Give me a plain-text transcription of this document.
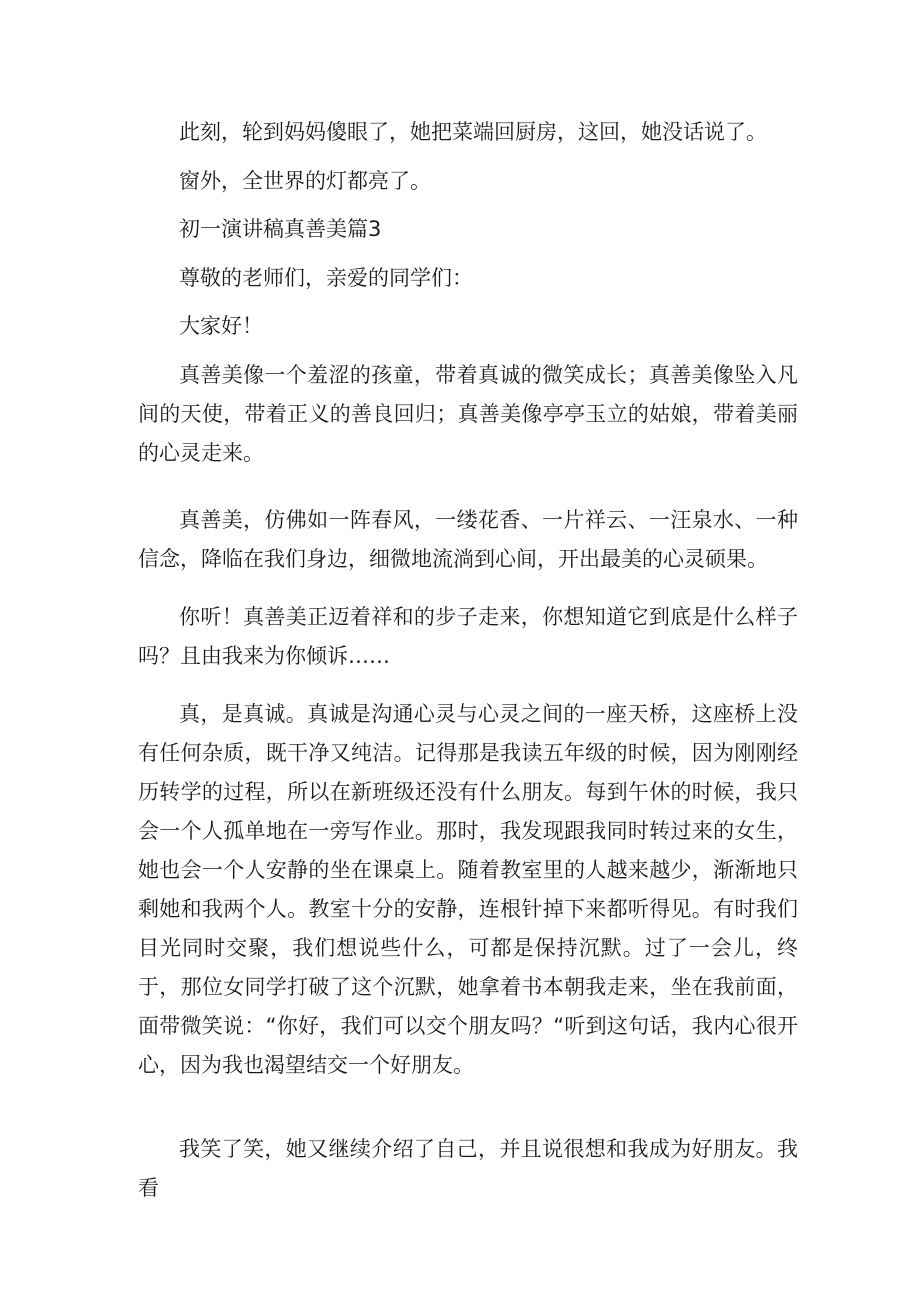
此刻，轮到妈妈傻眼了，她把菜端回厨房，这回，她没话说了。

窗外，全世界的灯都亮了。

初一演讲稿真善美篇3

尊敬的老师们，亲爱的同学们：

大家好！

真善美像一个羞涩的孩童，带着真诚的微笑成长；真善美像坠入凡间的天使，带着正义的善良回归；真善美像亭亭玉立的姑娘，带着美丽的心灵走来。

真善美，仿佛如一阵春风，一缕花香、一片祥云、一汪泉水、一种信念，降临在我们身边，细微地流淌到心间，开出最美的心灵硕果。

你听！真善美正迈着祥和的步子走来，你想知道它到底是什么样子吗？且由我来为你倾诉……

真，是真诚。真诚是沟通心灵与心灵之间的一座天桥，这座桥上没有任何杂质，既干净又纯洁。记得那是我读五年级的时候，因为刚刚经历转学的过程，所以在新班级还没有什么朋友。每到午休的时候，我只会一个人孤单地在一旁写作业。那时，我发现跟我同时转过来的女生，她也会一个人安静的坐在课桌上。随着教室里的人越来越少，渐渐地只剩她和我两个人。教室十分的安静，连根针掉下来都听得见。有时我们目光同时交聚，我们想说些什么，可都是保持沉默。过了一会儿，终于，那位女同学打破了这个沉默，她拿着书本朝我走来，坐在我前面，面带微笑说：“你好，我们可以交个朋友吗？“听到这句话，我内心很开心，因为我也渴望结交一个好朋友。

我笑了笑，她又继续介绍了自己，并且说很想和我成为好朋友。我看
